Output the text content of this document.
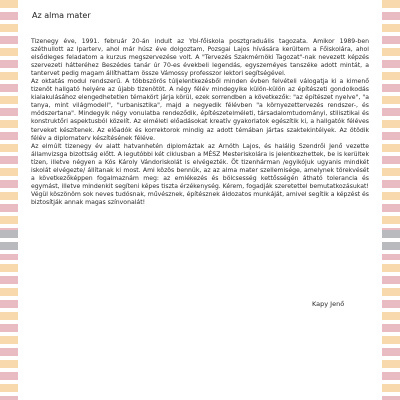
Az alma mater

Tizenegy éve, 1991. február 20-án indult az Ybl-főiskola posztgraduális tagozata. Amikor 1989-ben széthullott az Iparterv, ahol már húsz éve dolgoztam, Pozsgai Lajos hívására kerültem a Főiskolára, ahol elsődleges feladatom a kurzus megszervezése volt. A "Tervezés Szakmérnöki Tagozat"-nak nevezett képzés szervezeti hátteréhez Beszédes tanár úr 70-es évekbeli legendás, egyszeméyes tanszéke adott mintát, a tantervet pedig magam állíthattam össze Vámossy professzor lektori segítségével.

Az oktatás modul rendszerű. A többszörös túljelentkezésből minden évben felvételi válogatja ki a kimenő tizenöt hallgató helyére az újabb tizenötöt. A négy félév mindegyike külön-külön az építészeti gondolkodás kialakulásához elengedhetetlen témakört járja körül, ezek sorrendben a következők: "az építészet nyelve", "a tanya, mint világmodell", "urbanisztika", majd a negyedik félévben "a környezettervezés rendszer-, és módszertana". Mindegyik négy vonulatba rendeződik, építészetelméleti, társadalomtudományi, stilisztikai és konstruktőri aspektusból közelít. Az elméleti előadásokat kreatív gyakorlatok egészítik ki, a hallgatók féléves terveket készítenek. Az előadók és korrektorok mindig az adott témában jártas szaktekintélyek. Az ötödik félév a diplomaterv készítésének féléve.

Az elmúlt tizenegy év alatt hatvanhetén diplomáztak az Arnóth Lajos, és halálig Szendrői Jenő vezette államvizsga bizottság előtt. A legutóbbi két ciklusban a MÉSZ Mesteriskolára is jelentkezhettek, be is kerültek tízen, illetve négyen a Kós Károly Vándoriskolát is elvégezték. Öt tizenhárman /egyikójuk ugyanis mindkét iskolát elvégezte/ állítanak ki most. Ami közös bennük, az az alma mater szellemisége, amelynek törekvését a következőképpen fogalmaznám meg: az emlékezés és bölcsesség kettősségén átható tolerancia és egymást, illetve mindenkit segíteni képes tiszta érzékenység. Kérem, fogadják szeretettel bemutatkozásukat!

Végül köszönöm sok neves tudósnak, művésznek, építésznek áldozatos munkáját, amivel segítik a képzést és biztosítják annak magas színvonalát!

Kapy Jenő
